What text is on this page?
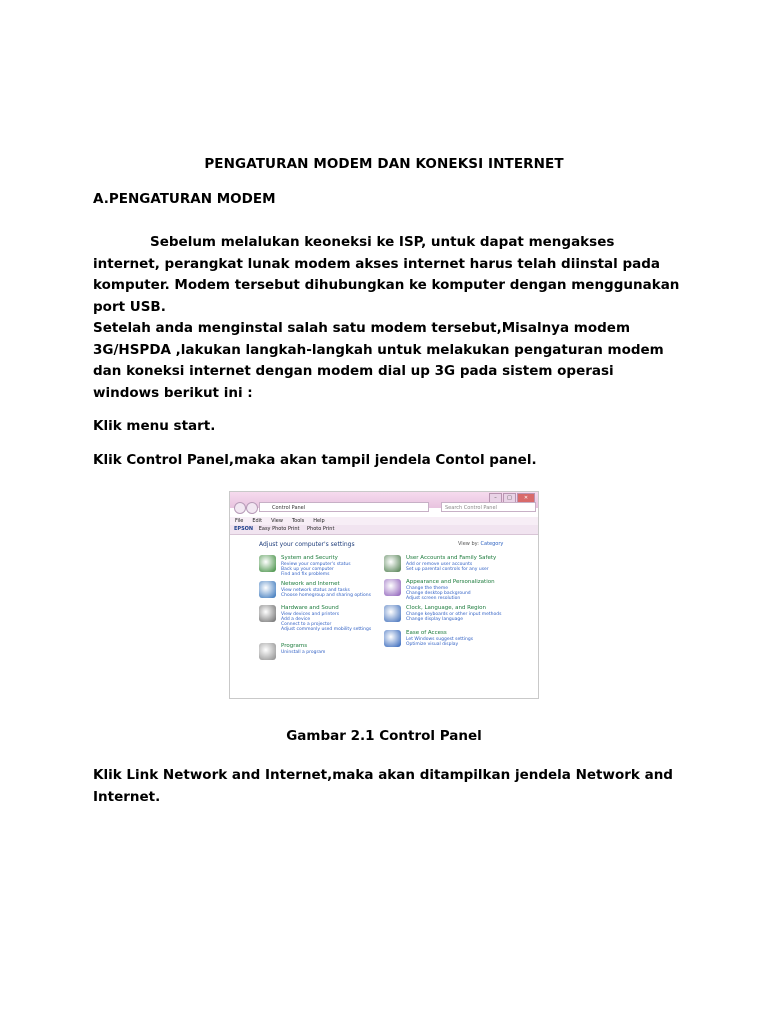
PENGATURAN MODEM DAN KONEKSI INTERNET
A.PENGATURAN MODEM
Sebelum melalukan keoneksi ke ISP, untuk dapat mengakses internet, perangkat lunak modem akses internet harus telah diinstal pada komputer. Modem tersebut dihubungkan ke komputer dengan menggunakan port USB.
Setelah anda menginstal salah satu modem tersebut,Misalnya modem 3G/HSPDA ,lakukan langkah-langkah untuk melakukan pengaturan modem dan koneksi internet dengan modem dial up 3G pada sistem operasi windows berikut ini :
Klik menu start.
Klik Control Panel,maka akan tampil jendela Contol panel.
–	□	✕
Control Panel	Search Control Panel
File Edit View Tools Help
EPSON Easy Photo Print Photo Print
Adjust your computer's settings	View by: Category
System and Security
Review your computer's status
Back up your computer
Find and fix problems
Network and Internet
View network status and tasks
Choose homegroup and sharing options
Hardware and Sound
View devices and printers
Add a device
Connect to a projector
Adjust commonly used mobility settings
Programs
Uninstall a program
User Accounts and Family Safety
Add or remove user accounts
Set up parental controls for any user
Appearance and Personalization
Change the theme
Change desktop background
Adjust screen resolution
Clock, Language, and Region
Change keyboards or other input methods
Change display language
Ease of Access
Let Windows suggest settings
Optimize visual display
Gambar 2.1 Control Panel
Klik Link Network and Internet,maka akan ditampilkan jendela Network and Internet.
